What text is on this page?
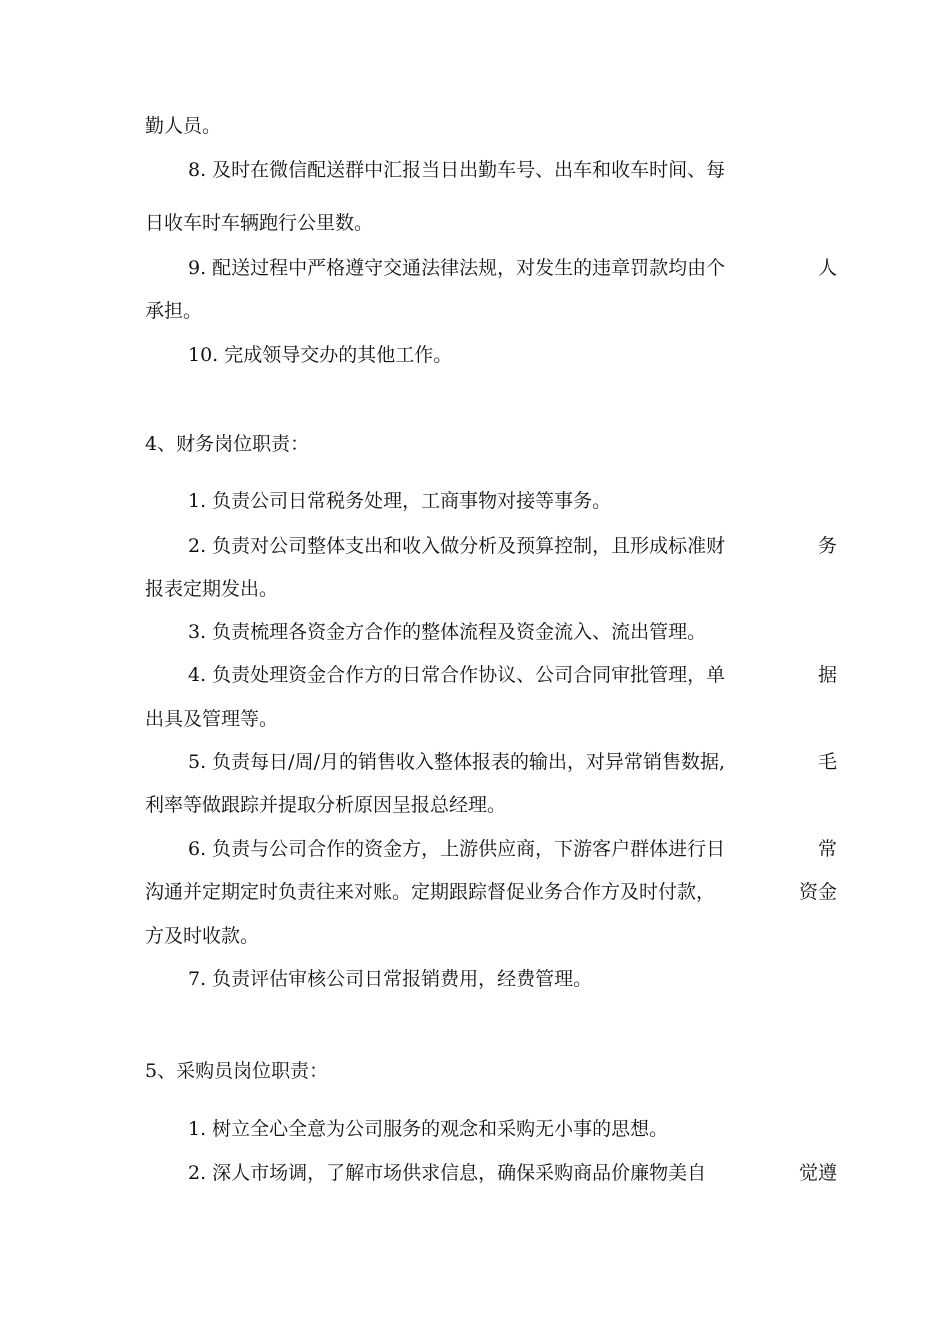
勤人员。
8. 及时在微信配送群中汇报当日出勤车号、出车和收车时间、每
日收车时车辆跑行公里数。
9. 配送过程中严格遵守交通法律法规，对发生的违章罚款均由个	人
承担。
10. 完成领导交办的其他工作。
4、财务岗位职责：
1. 负责公司日常税务处理，工商事物对接等事务。
2. 负责对公司整体支出和收入做分析及预算控制，且形成标准财	务
报表定期发出。
3. 负责梳理各资金方合作的整体流程及资金流入、流出管理。
4. 负责处理资金合作方的日常合作协议、公司合同审批管理，单	据
出具及管理等。
5. 负责每日/周/月的销售收入整体报表的输出，对异常销售数据,	毛
利率等做跟踪并提取分析原因呈报总经理。
6. 负责与公司合作的资金方，上游供应商，下游客户群体进行日	常
沟通并定期定时负责往来对账。定期跟踪督促业务合作方及时付款，	资金
方及时收款。
7. 负责评估审核公司日常报销费用，经费管理。
5、采购员岗位职责：
1. 树立全心全意为公司服务的观念和采购无小事的思想。
2. 深人市场调，了解市场供求信息，确保采购商品价廉物美自	觉遵
